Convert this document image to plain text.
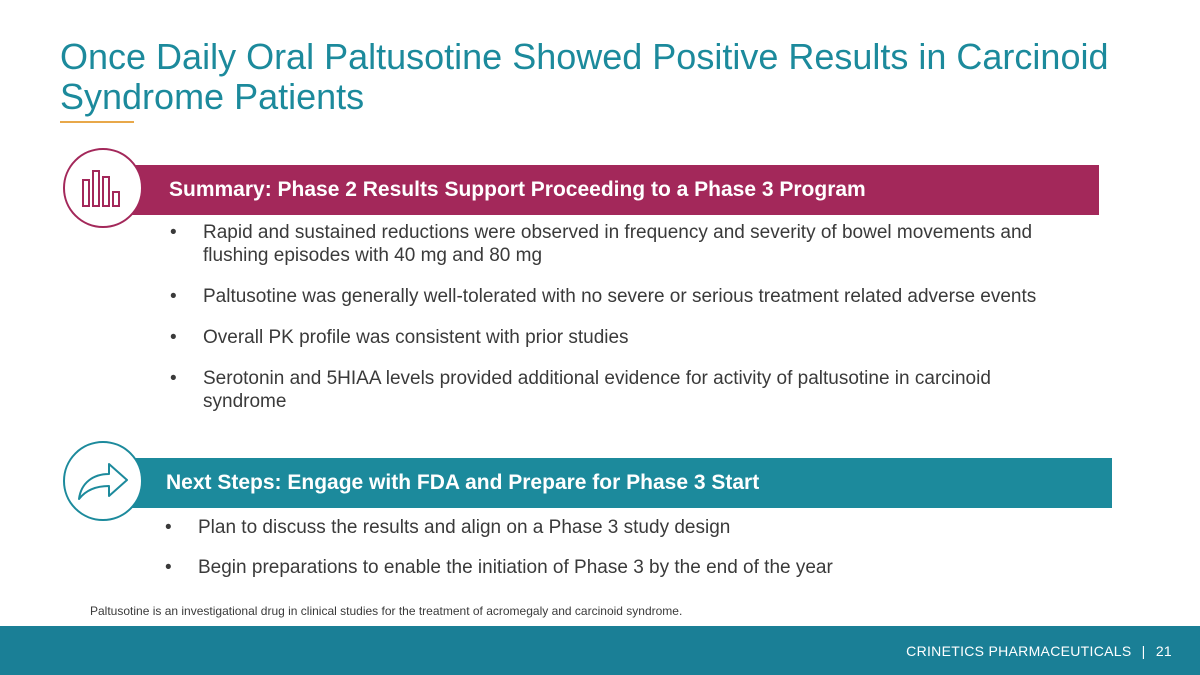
Once Daily Oral Paltusotine Showed Positive Results in Carcinoid Syndrome Patients
Summary: Phase 2 Results Support Proceeding to a Phase 3 Program
• Rapid and sustained reductions were observed in frequency and severity of bowel movements and flushing episodes with 40 mg and 80 mg
• Paltusotine was generally well-tolerated with no severe or serious treatment related adverse events
• Overall PK profile was consistent with prior studies
• Serotonin and 5HIAA levels provided additional evidence for activity of paltusotine in carcinoid syndrome
Next Steps: Engage with FDA and Prepare for Phase 3 Start
• Plan to discuss the results and align on a Phase 3 study design
• Begin preparations to enable the initiation of Phase 3 by the end of the year
Paltusotine is an investigational drug in clinical studies for the treatment of acromegaly and carcinoid syndrome.
CRINETICS PHARMACEUTICALS | 21
